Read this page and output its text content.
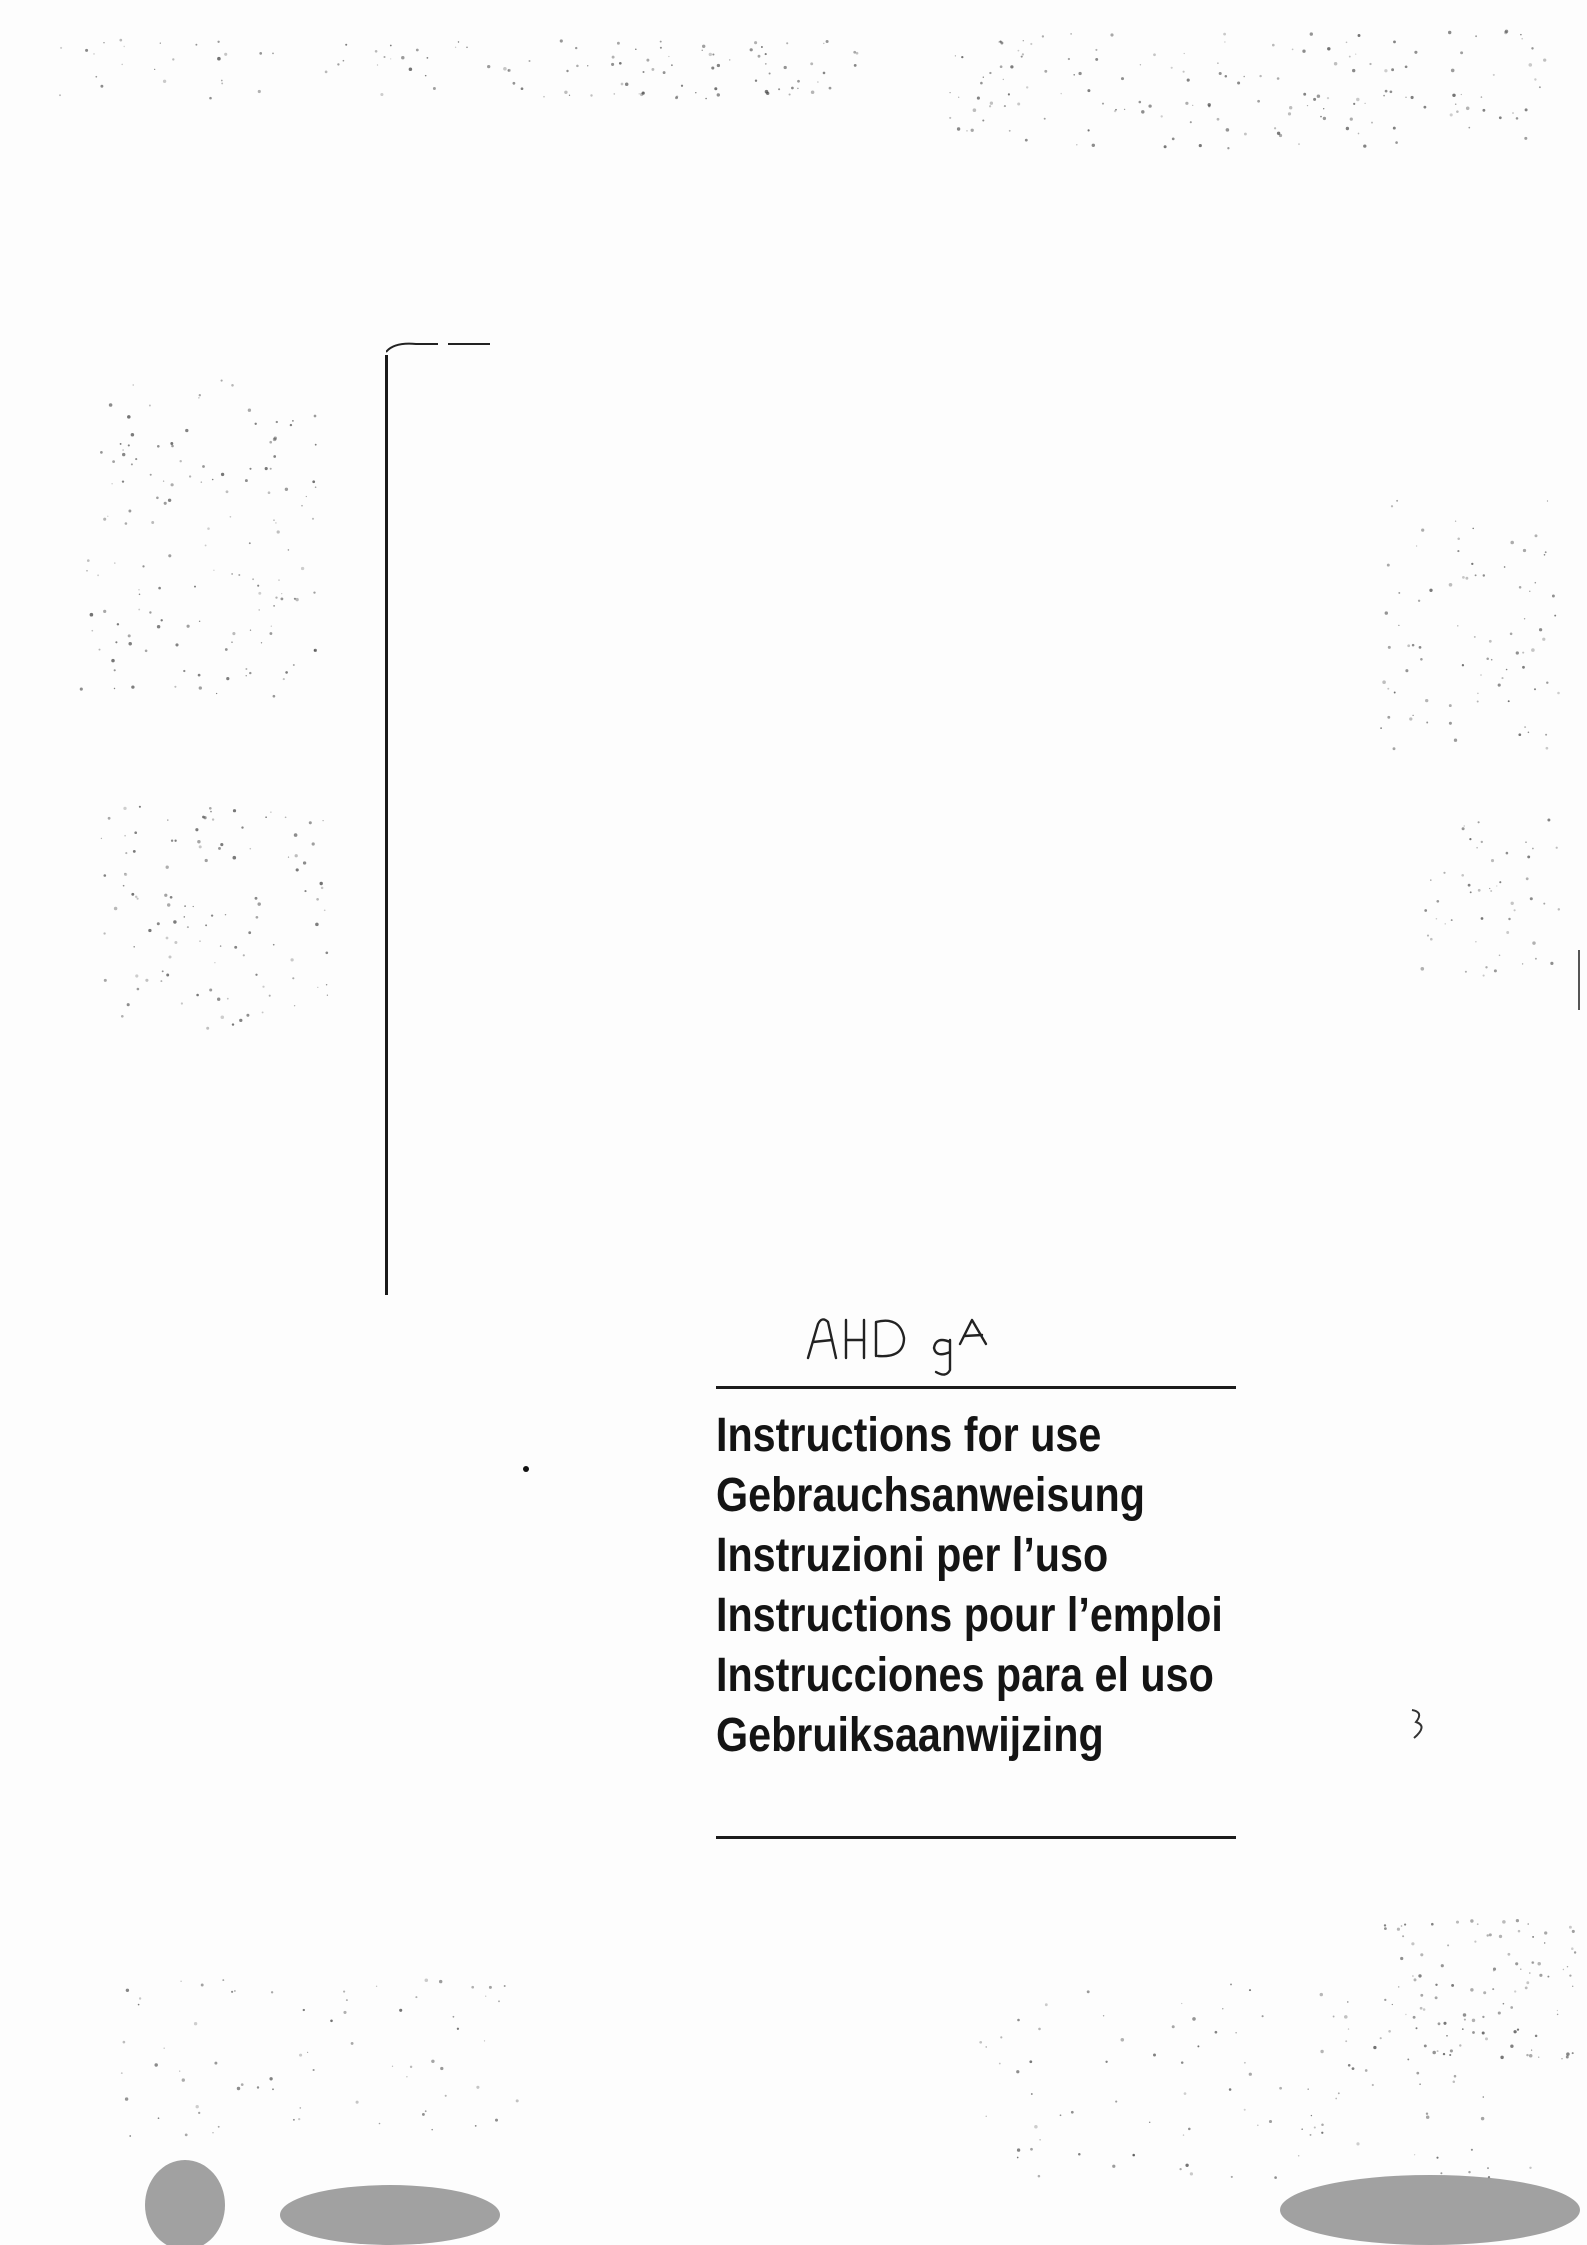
Instructions for use
Gebrauchsanweisung
Instruzioni per l’uso
Instructions pour l’emploi
Instrucciones para el uso
Gebruiksaanwijzing
